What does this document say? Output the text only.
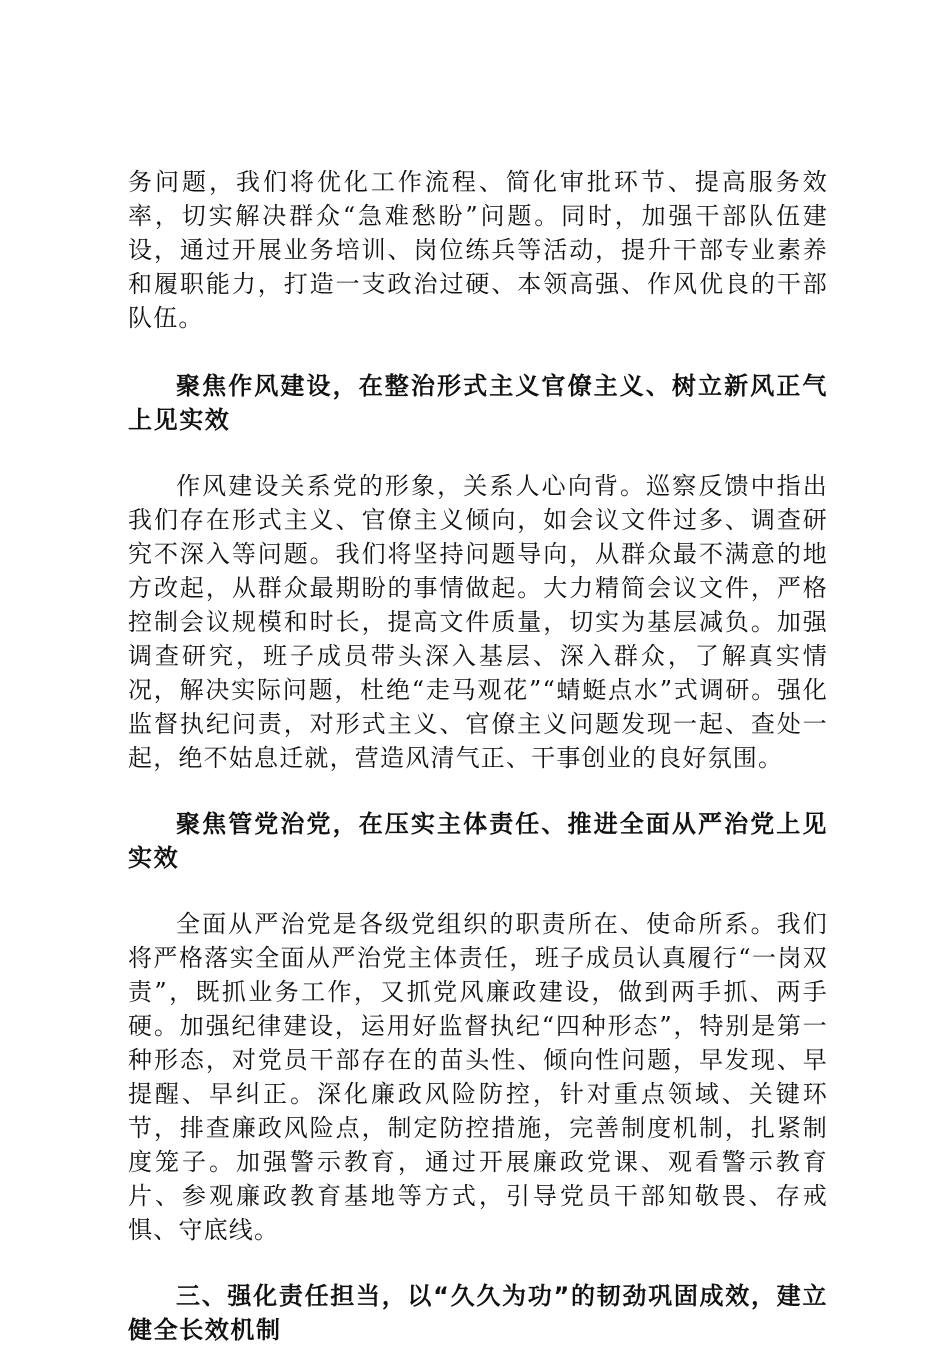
务问题，我们将优化工作流程、简化审批环节、提高服务效率，切实解决群众“急难愁盼”问题。同时，加强干部队伍建设，通过开展业务培训、岗位练兵等活动，提升干部专业素养和履职能力，打造一支政治过硬、本领高强、作风优良的干部队伍。

聚焦作风建设，在整治形式主义官僚主义、树立新风正气上见实效

作风建设关系党的形象，关系人心向背。巡察反馈中指出我们存在形式主义、官僚主义倾向，如会议文件过多、调查研究不深入等问题。我们将坚持问题导向，从群众最不满意的地方改起，从群众最期盼的事情做起。大力精简会议文件，严格控制会议规模和时长，提高文件质量，切实为基层减负。加强调查研究，班子成员带头深入基层、深入群众，了解真实情况，解决实际问题，杜绝“走马观花”“蜻蜓点水”式调研。强化监督执纪问责，对形式主义、官僚主义问题发现一起、查处一起，绝不姑息迁就，营造风清气正、干事创业的良好氛围。

聚焦管党治党，在压实主体责任、推进全面从严治党上见实效

全面从严治党是各级党组织的职责所在、使命所系。我们将严格落实全面从严治党主体责任，班子成员认真履行“一岗双责”，既抓业务工作，又抓党风廉政建设，做到两手抓、两手硬。加强纪律建设，运用好监督执纪“四种形态”，特别是第一种形态，对党员干部存在的苗头性、倾向性问题，早发现、早提醒、早纠正。深化廉政风险防控，针对重点领域、关键环节，排查廉政风险点，制定防控措施，完善制度机制，扎紧制度笼子。加强警示教育，通过开展廉政党课、观看警示教育片、参观廉政教育基地等方式，引导党员干部知敬畏、存戒惧、守底线。

三、强化责任担当，以“久久为功”的韧劲巩固成效，建立健全长效机制
